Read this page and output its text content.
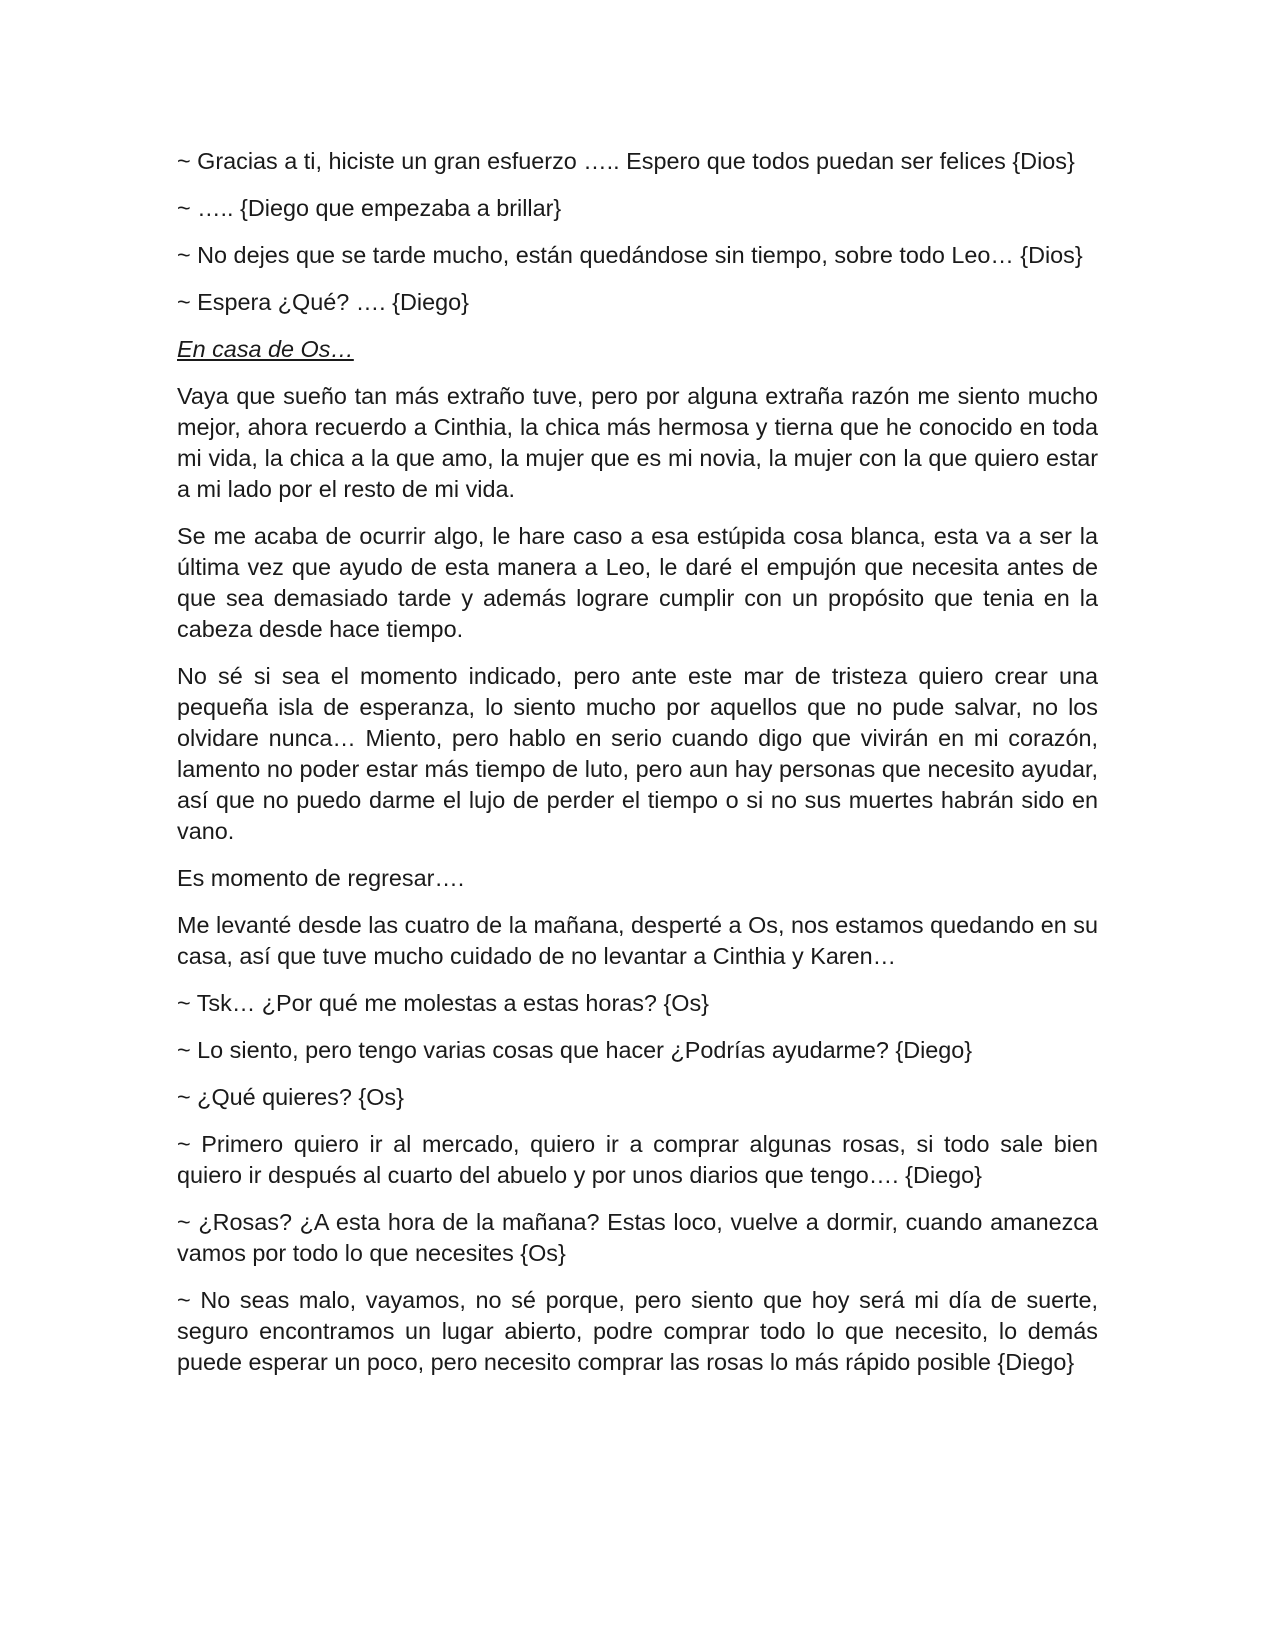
~ Gracias a ti, hiciste un gran esfuerzo ….. Espero que todos puedan ser felices {Dios}

~ ….. {Diego que empezaba a brillar}

~ No dejes que se tarde mucho, están quedándose sin tiempo, sobre todo Leo… {Dios}

~ Espera ¿Qué? …. {Diego}

En casa de Os…

Vaya que sueño tan más extraño tuve, pero por alguna extraña razón me siento mucho mejor, ahora recuerdo a Cinthia, la chica más hermosa y tierna que he conocido en toda mi vida, la chica a la que amo, la mujer que es mi novia, la mujer con la que quiero estar a mi lado por el resto de mi vida.

Se me acaba de ocurrir algo, le hare caso a esa estúpida cosa blanca, esta va a ser la última vez que ayudo de esta manera a Leo, le daré el empujón que necesita antes de que sea demasiado tarde y además lograre cumplir con un propósito que tenia en la cabeza desde hace tiempo.

No sé si sea el momento indicado, pero ante este mar de tristeza quiero crear una pequeña isla de esperanza, lo siento mucho por aquellos que no pude salvar, no los olvidare nunca… Miento, pero hablo en serio cuando digo que vivirán en mi corazón, lamento no poder estar más tiempo de luto, pero aun hay personas que necesito ayudar, así que no puedo darme el lujo de perder el tiempo o si no sus muertes habrán sido en vano.

Es momento de regresar….

Me levanté desde las cuatro de la mañana, desperté a Os, nos estamos quedando en su casa, así que tuve mucho cuidado de no levantar a Cinthia y Karen…

~ Tsk… ¿Por qué me molestas a estas horas? {Os}

~ Lo siento, pero tengo varias cosas que hacer ¿Podrías ayudarme? {Diego}

~ ¿Qué quieres? {Os}

~ Primero quiero ir al mercado, quiero ir a comprar algunas rosas, si todo sale bien quiero ir después al cuarto del abuelo y por unos diarios que tengo…. {Diego}

~ ¿Rosas? ¿A esta hora de la mañana? Estas loco, vuelve a dormir, cuando amanezca vamos por todo lo que necesites {Os}

~ No seas malo, vayamos, no sé porque, pero siento que hoy será mi día de suerte, seguro encontramos un lugar abierto, podre comprar todo lo que necesito, lo demás puede esperar un poco, pero necesito comprar las rosas lo más rápido posible {Diego}
